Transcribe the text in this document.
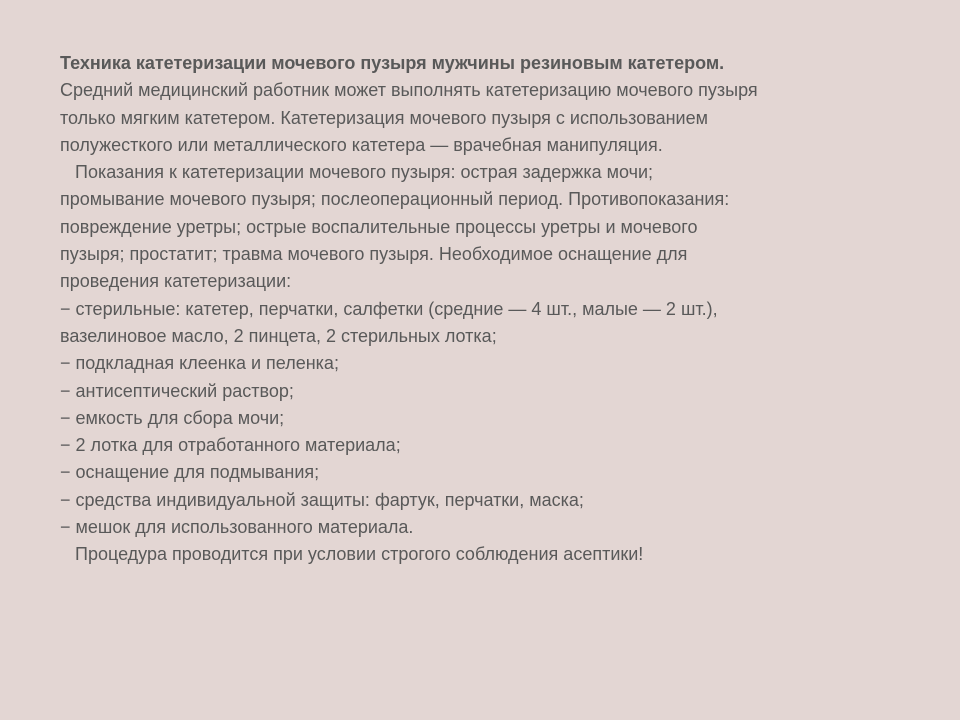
Техника катетеризации мочевого пузыря мужчины резиновым катетером.

Средний медицинский работник может выполнять катетеризацию мочевого пузыря

только мягким катетером. Катетеризация мочевого пузыря с использованием

полужесткого или металлического катетера — врачебная манипуляция.

Показания к катетеризации мочевого пузыря: острая задержка мочи;

промывание мочевого пузыря; послеоперационный период. Противопоказания:

повреждение уретры; острые воспалительные процессы уретры и мочевого

пузыря; простатит; травма мочевого пузыря. Необходимое оснащение для

проведения катетеризации:

− стерильные: катетер, перчатки, салфетки (средние — 4 шт., малые — 2 шт.),

вазелиновое масло, 2 пинцета, 2 стерильных лотка;

− подкладная клеенка и пеленка;

− антисептический раствор;

− емкость для сбора мочи;

− 2 лотка для отработанного материала;

− оснащение для подмывания;

− средства индивидуальной защиты: фартук, перчатки, маска;

− мешок для использованного материала.

Процедура проводится при условии строгого соблюдения асептики!
